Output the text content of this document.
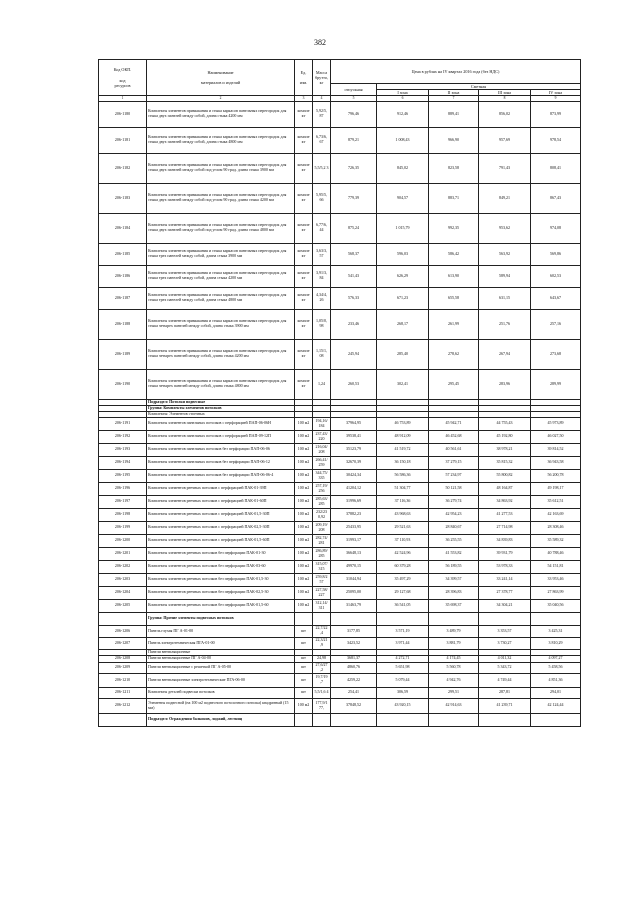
382
Код ОКП.

код
ресурсов	Наименование

материалов и изделий	Ед.

изм.	Масса
брутто,
кг	Цена в рублях на IV квартал 2016 года (без НДС)				

				отпускная	Сметная			
					I зона	II зона	III зона	IV зона
1	2	3	4	5	6	7	8	9
206-1180	Комплекты элементов примыкания и стыка каркасов панельных перегородок для стыка двух панелей между собой, длина стыка 4200 мм	компле кт	5,92/5, 87	796,46	912,46	889,41	856,02	873,99
206-1181	Комплекты элементов примыкания и стыка каркасов панельных перегородок для стыка двух панелей между собой, длина стыка 4800 мм	компле кт	6,73/6, 67	879,21	1 008,43	966,90	957,69	978,54
206-1182	Комплекты элементов примыкания и стыка каркасов панельных перегородок для стыка двух панелей между собой под углом 90 град. длина стыка 3900 мм	компле кт	5,5/5,2 3	726,35	845,02	823,58	791,43	808,41
206-1183	Комплекты элементов примыкания и стыка каркасов панельных перегородок для стыка двух панелей между собой под углом 90 град. длина стыка 4200 мм	компле кт	5,95/5, 66	779,39	904,57	883,71	849,21	867,43
206-1184	Комплекты элементов примыкания и стыка каркасов панельных перегородок для стыка двух панелей между собой под углом 90 град. длина стыка 4800 мм	компле кт	6,77/6, 44	875,24	1 015,79	992,35	953,62	974,08
206-1185	Комплекты элементов примыкания и стыка каркасов панельных перегородок для стыка трех панелей между собой, длина стыка 3900 мм	компле кт	3,63/3, 57	568,37	596,03	586,42	563,92	569,86
206-1186	Комплекты элементов примыкания и стыка каркасов панельных перегородок для стыка трех панелей между собой, длина стыка 4200 мм	компле кт	3,91/3, 84	541,43	626,29	613,90	589,94	602,53
206-1187	Комплекты элементов примыкания и стыка каркасов панельных перегородок для стыка трех панелей между собой, длина стыка 4800 мм	компле кт	4,34/4, 26	576,33	671,23	655,58	631,15	643,67
206-1188	Комплекты элементов примыкания и стыка каркасов панельных перегородок для стыка четырех панелей между собой, длина стыка 3900 мм	компле кт	1,05/0, 98	233,46	268,17	261,99	251,76	257,16
206-1189	Комплекты элементов примыкания и стыка каркасов панельных перегородок для стыка четырех панелей между собой, длина стыка 4200 мм	компле кт	1,15/1, 08	245,94	285,40	278,62	267,94	273,68
206-1190	Комплекты элементов примыкания и стыка каркасов панельных перегородок для стыка четырех панелей между собой, длина стыка 4800 мм	компле кт	1,24	260,53	302,41	295,45	283,96	289,99
	Подраздел: Потолки подвесные							
	Группа: Комплекты элементов потолков							
	Комплекты: Элементов стоечных							
206-1191	Комплекты элементов панельных потолков с перфорацией ПАП-06-06Н	100 м2	194,16/ 184	37964,95	46 753,89	45 942,71	44 755,43	45 973,89
206-1192	Комплекты элементов панельных потолков с перфорацией ПАП-09-12П	100 м2	237,43/ 220	39538,41	48 912,09	46 452,68	45 192,80	46 027,50
206-1193	Комплекты элементов панельных потолков без перфорации ПАП-06-06	100 м2	216,04/ 208	35123,79	41 519,72	40 561,61	38 978,21	39 814,52
206-1194	Комплекты элементов панельных потолков без перфорации ПАП-06-12	100 м2	266,41/ 259	32670,39	36 150,18	37 279,15	35 815,32	36 943,58
206-1195	Комплекты элементов панельных потолков без перфорации ПАП-06-06-4	100 м2	344,75/ 335	30424,34	56 586,36	57 234,97	55 800,82	56 200,78
206-1196	Комплекты элементов реечных потолков с перфорацией ПАК-01-39П	100 м2	257,19/ 256	41204,12	51 304,77	50 121,58	48 164,87	49 198,17
206-1197	Комплекты элементов реечных потолков с перфорацией ПАК-01-60П	100 м2	285,63/ 285	31996,69	37 116,36	36 279,74	34 863,92	35 612,51
206-1198	Комплекты элементов реечных потолков с перфорацией ПАК-01,5-30П	100 м2	232/23 0,92	37882,23	43 968,63	42 954,23	41 277,53	42 163,69
206-1199	Комплекты элементов реечных потолков с перфорацией ПАК-02,5-30П	100 м2	209,19/ 208	25433,95	29 521,63	28 840,67	27 714,98	28 308,46
206-1200	Комплекты элементов реечных потолков с перфорацией ПАК-01,5-60П	100 м2	282,74/ 281	31993,17	37 110,93	36 255,55	34 839,83	35 589,32
206-1201	Комплекты элементов реечных потолков без перфорации ПАК-01-30	100 м2	286,89/ 285	36648,13	42 524,96	41 553,82	39 931,79	40 788,46
206-1202	Комплекты элементов реечных потолков без перфорации ПАК-03-60	100 м2	315,07/ 315	49970,15	60 379,28	56 189,55	53 978,33	54 151,81
206-1203	Комплекты элементов реечных потолков без перфорации ПАК-01,5-30	100 м2	259,8/2 57	31044,94	35 497,29	34 399,57	33 241,14	33 953,46
206-1204	Комплекты элементов реечных потолков без перфорации ПАК-02,5-30	100 м2	227,58/ 227	25095,00	29 127,68	28 396,83	27 378,77	27 863,99
206-1205	Комплекты элементов реечных потолков без перфорации ПАК-01,5-60	100 м2	312,14/ 311	31463,79	36 541,05	35 698,37	34 304,21	35 040,56
	Группа: Прочие элементы подвесных потолков							
206-1206	Панель глухая ПГ А-01-00	шт	22,7/22 ,4	3177,85	3 571,19	3 489,79	3 353,57	3 425,31
206-1207	Панель электротехническая ПГА-01-00	шт	22,3/21 ,9	3423,52	3 971,44	3 881,79	3 730,27	3 810,29
	Панели вентиляционные							
206-1208	Панели вентиляционные ПГ А-04-00	шт	24,98	3681,37	4 272,71	4 174,45	4 011,32	4 097,27
206-1209	Панели вентиляционные с решеткой ПГ А-05-00	шт	27,6/27 ,2	4860,76	5 651,98	5 560,78	5 343,72	5 458,56
206-1210	Панели вентиляционные электротехнические ПГА-06-00	шт	19,7/19 ,7	4259,22	5 079,44	4 942,76	4 749,44	4 851,36
206-1211	Комплекты деталей подвески потолков	шт	5,5/1,6 4	254,41	306,59	299,51	287,81	294,01
206-1212	Элементы подвесной (на 100 м2 подвесного потолочного потолка) квадратный (15 мм)	100 м2	177,9/1 77,	37848,52	43 920,15	42 914,63	41 239,71	42 124,44
	Подраздел: Ограждения балконов, лоджий, лестниц							
